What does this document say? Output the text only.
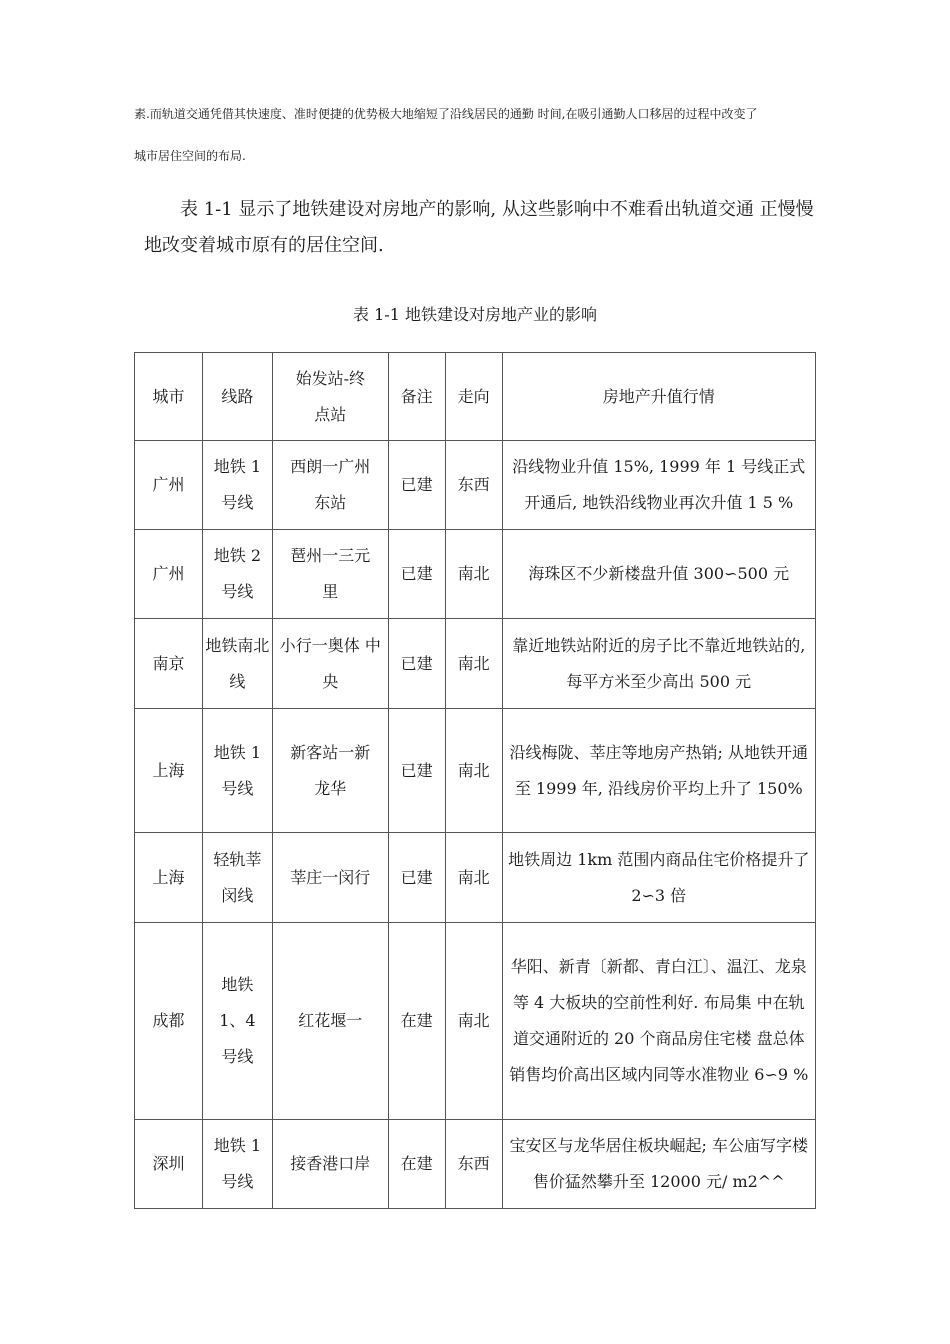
素.而轨道交通凭借其快速度、准时便捷的优势极大地缩短了沿线居民的通勤 时间,在吸引通勤人口移居的过程中改变了

城市居住空间的布局.

表 1-1 显示了地铁建设对房地产的影响, 从这些影响中不难看出轨道交通 正慢慢地改变着城市原有的居住空间.

表 1-1 地铁建设对房地产业的影响

城市	线路	始发站-终点站	备注	走向	房地产升值行情
广州	地铁 1 号线	西朗一广州东站	已建	东西	沿线物业升值 15%, 1999 年 1 号线正式开通后, 地铁沿线物业再次升值 1 5 %
广州	地铁 2 号线	琶州一三元里	已建	南北	海珠区不少新楼盘升值 300∽500 元
南京	地铁南北线	小行一奥体 中央	已建	南北	靠近地铁站附近的房子比不靠近地铁站的, 每平方米至少高出 500 元
上海	地铁 1 号线	新客站一新龙华	已建	南北	沿线梅陇、莘庄等地房产热销; 从地铁开通至 1999 年, 沿线房价平均上升了 150%
上海	轻轨莘闵线	莘庄一闵行	已建	南北	地铁周边 1km 范围内商品住宅价格提升了 2∽3 倍
成都	地铁 1、4 号线	红花堰一	在建	南北	华阳、新青〔新都、青白江〕、温江、龙泉等 4 大板块的空前性利好. 布局集 中在轨道交通附近的 20 个商品房住宅楼 盘总体销售均价高出区域内同等水准物业 6∽9 %
深圳	地铁 1 号线	接香港口岸	在建	东西	宝安区与龙华居住板块崛起; 车公庙写字楼售价猛然攀升至 12000 元/ m2^^
